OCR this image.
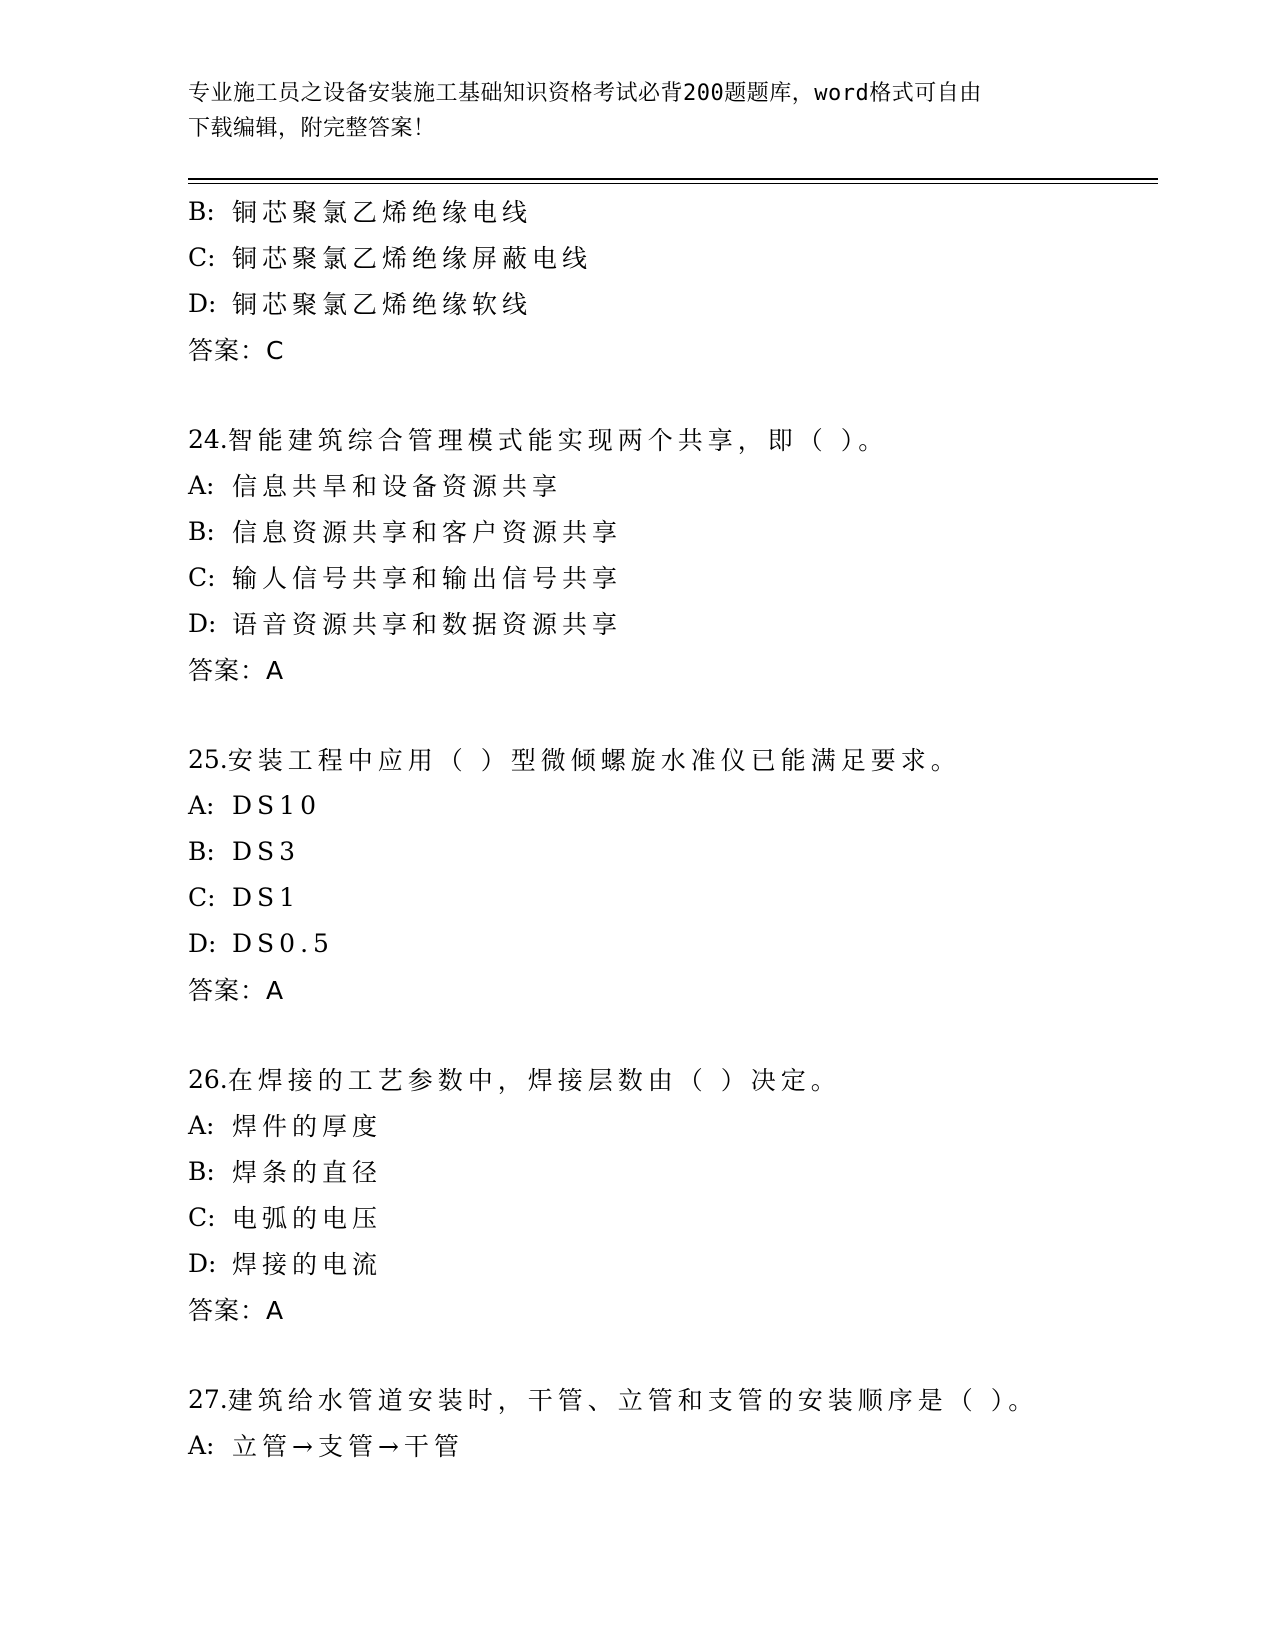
专业施工员之设备安装施工基础知识资格考试必背200题题库，word格式可自由
下载编辑，附完整答案！
B: 铜芯聚氯乙烯绝缘电线
C: 铜芯聚氯乙烯绝缘屏蔽电线
D: 铜芯聚氯乙烯绝缘软线
答案：C
24. 智能建筑综合管理模式能实现两个共享，即（ ）。
A: 信息共旱和设备资源共享
B: 信息资源共享和客户资源共享
C: 输人信号共享和输出信号共享
D: 语音资源共享和数据资源共享
答案：A
25. 安装工程中应用（ ）型微倾螺旋水准仪已能满足要求。
A: DS10
B: DS3
C: DS1
D: DS0.5
答案：A
26. 在焊接的工艺参数中，焊接层数由（ ）决定。
A: 焊件的厚度
B: 焊条的直径
C: 电弧的电压
D: 焊接的电流
答案：A
27. 建筑给水管道安装时，干管、立管和支管的安装顺序是（ ）。
A: 立管→支管→干管
